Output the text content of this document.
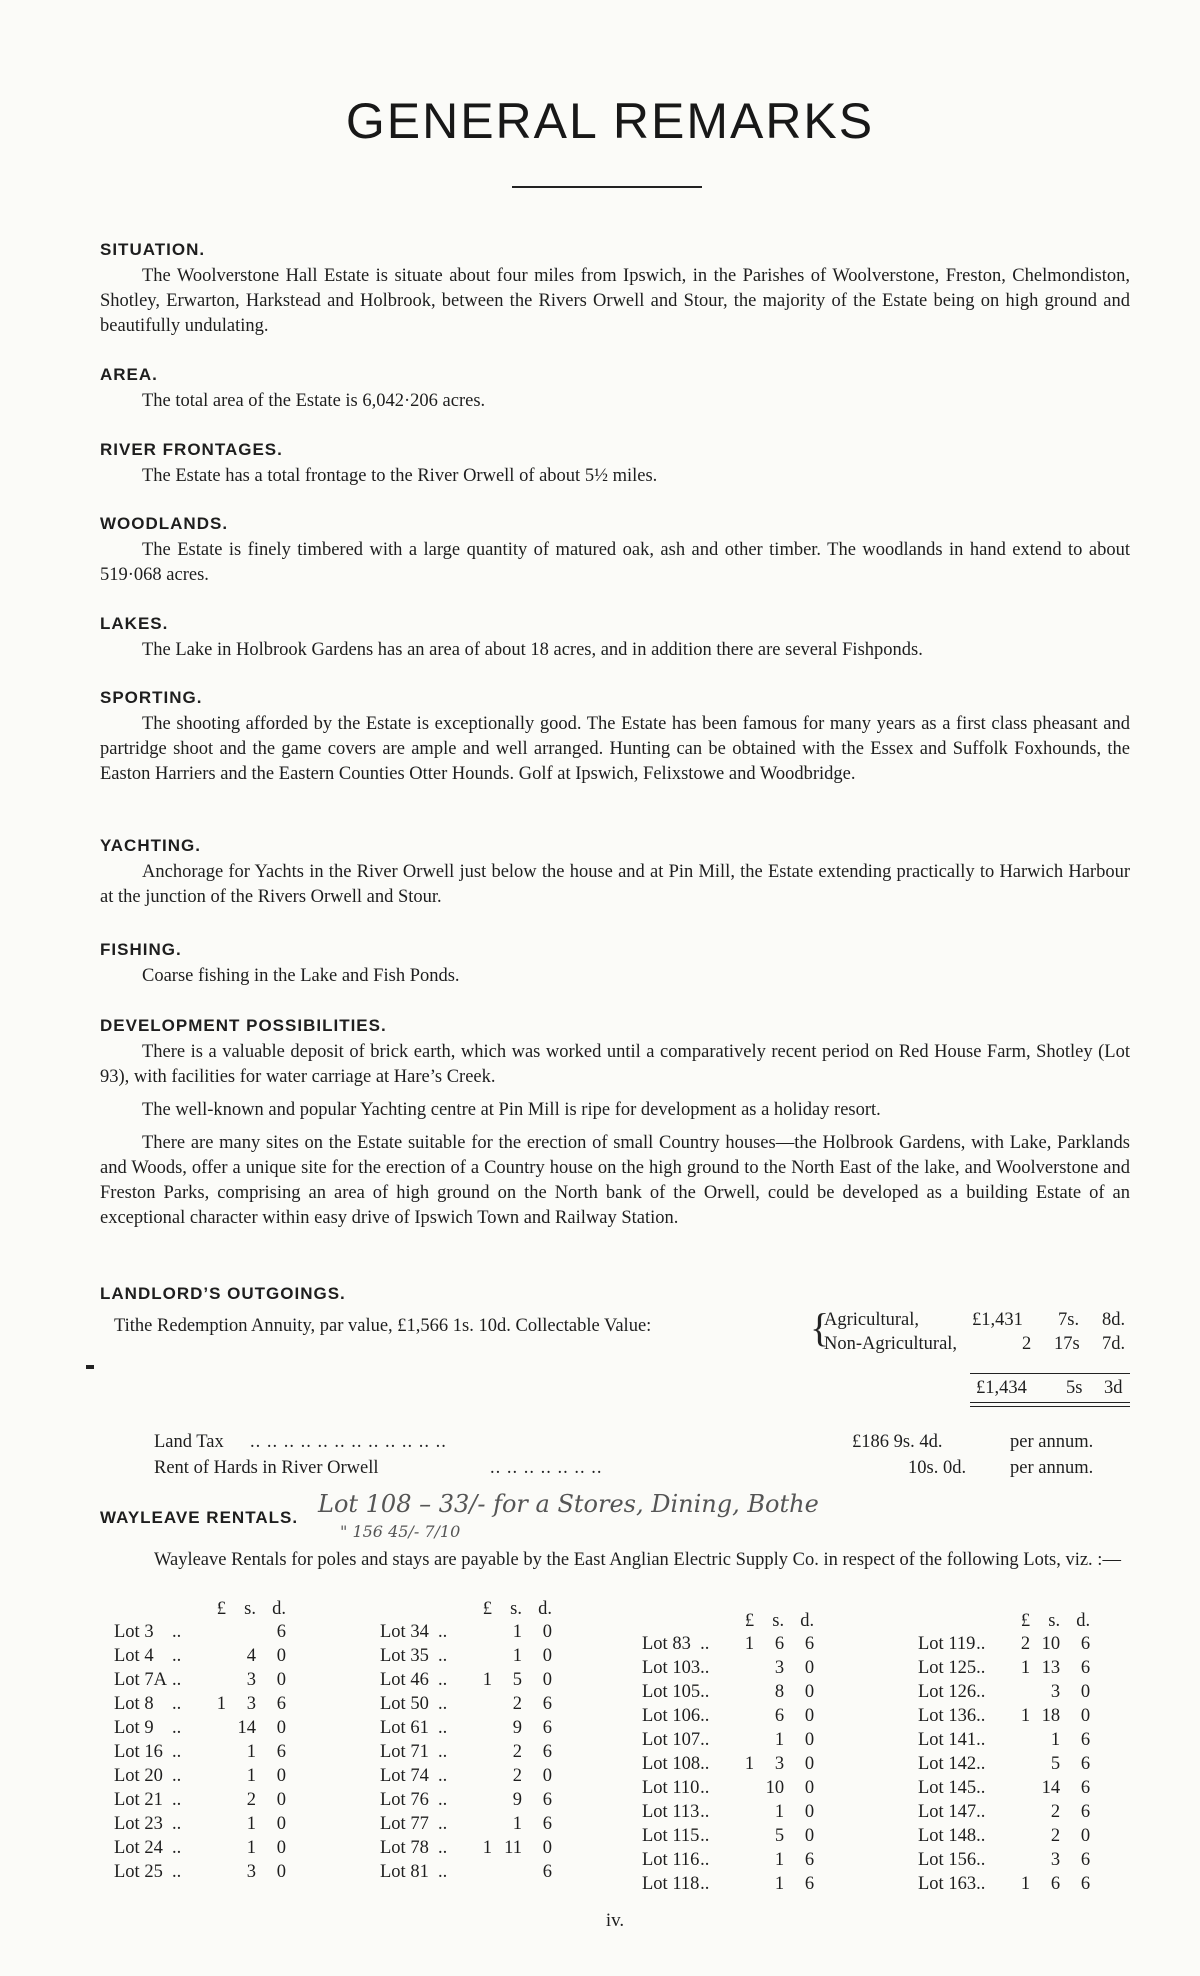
GENERAL REMARKS
SITUATION.

The Woolverstone Hall Estate is situate about four miles from Ipswich, in the Parishes of Woolverstone, Freston, Chelmondiston, Shotley, Erwarton, Harkstead and Holbrook, between the Rivers Orwell and Stour, the majority of the Estate being on high ground and beautifully undulating.

AREA.

The total area of the Estate is 6,042·206 acres.

RIVER FRONTAGES.

The Estate has a total frontage to the River Orwell of about 5½ miles.

WOODLANDS.

The Estate is finely timbered with a large quantity of matured oak, ash and other timber. The woodlands in hand extend to about 519·068 acres.

LAKES.

The Lake in Holbrook Gardens has an area of about 18 acres, and in addition there are several Fishponds.

SPORTING.

The shooting afforded by the Estate is exceptionally good. The Estate has been famous for many years as a first class pheasant and partridge shoot and the game covers are ample and well arranged. Hunting can be obtained with the Essex and Suffolk Foxhounds, the Easton Harriers and the Eastern Counties Otter Hounds. Golf at Ipswich, Felixstowe and Woodbridge.

YACHTING.

Anchorage for Yachts in the River Orwell just below the house and at Pin Mill, the Estate extending practically to Harwich Harbour at the junction of the Rivers Orwell and Stour.

FISHING.

Coarse fishing in the Lake and Fish Ponds.

DEVELOPMENT POSSIBILITIES.

There is a valuable deposit of brick earth, which was worked until a comparatively recent period on Red House Farm, Shotley (Lot 93), with facilities for water carriage at Hare’s Creek.

The well-known and popular Yachting centre at Pin Mill is ripe for development as a holiday resort.

There are many sites on the Estate suitable for the erection of small Country houses—the Holbrook Gardens, with Lake, Parklands and Woods, offer a unique site for the erection of a Country house on the high ground to the North East of the lake, and Woolverstone and Freston Parks, comprising an area of high ground on the North bank of the Orwell, could be developed as a building Estate of an exceptional character within easy drive of Ipswich Town and Railway Station.

LANDLORD’S OUTGOINGS.
Tithe Redemption Annuity, par value, £1,566 1s. 10d. Collectable Value:	{
Agricultural,	£1,431 7s. 8d.
Non-Agricultural,	2 17s 7d.
£1,434 5s 3d
Land Tax .. .. .. .. .. .. .. .. .. .. .. ..	£186 9s. 4d.	per annum.
Rent of Hards in River Orwell	.. .. .. .. .. .. ..	10s. 0d. per annum.
WAYLEAVE RENTALS. Lot 108 – 33/- for a Stores, Dining, Bothe
" 156 45/- 7/10

Wayleave Rentals for poles and stays are payable by the East Anglian Electric Supply Co. in respect of the following Lots, viz. :—

		£	s.	d.
Lot 3	..			6
Lot 4	..		4	0
Lot 7A	..		3	0
Lot 8	..	1	3	6
Lot 9	..		14	0
Lot 16	..		1	6
Lot 20	..		1	0
Lot 21	..		2	0
Lot 23	..		1	0
Lot 24	..		1	0
Lot 25	..		3	0
		£	s.	d.
Lot 34	..		1	0
Lot 35	..		1	0
Lot 46	..	1	5	0
Lot 50	..		2	6
Lot 61	..		9	6
Lot 71	..		2	6
Lot 74	..		2	0
Lot 76	..		9	6
Lot 77	..		1	6
Lot 78	..	1	11	0
Lot 81	..			6
		£	s.	d.
Lot 83	..	1	6	6
Lot 103	..		3	0
Lot 105	..		8	0
Lot 106	..		6	0
Lot 107	..		1	0
Lot 108	..	1	3	0
Lot 110	..		10	0
Lot 113	..		1	0
Lot 115	..		5	0
Lot 116	..		1	6
Lot 118	..		1	6
		£	s.	d.
Lot 119	..	2	10	6
Lot 125	..	1	13	6
Lot 126	..		3	0
Lot 136	..	1	18	0
Lot 141	..		1	6
Lot 142	..		5	6
Lot 145	..		14	6
Lot 147	..		2	6
Lot 148	..		2	0
Lot 156	..		3	6
Lot 163	..	1	6	6
iv.
